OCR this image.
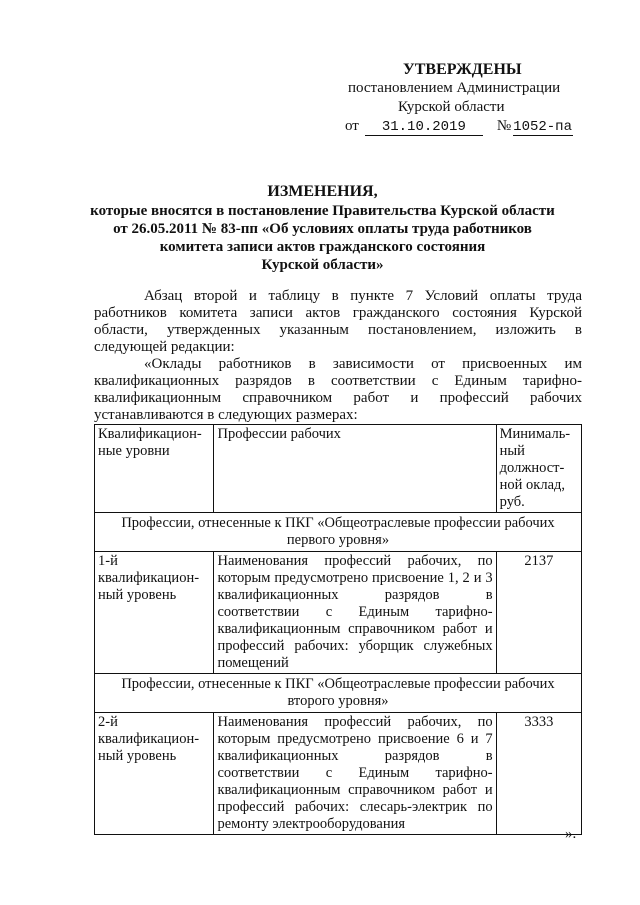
УТВЕРЖДЕНЫ
постановлением Администрации
Курской области
от 31.10.2019 № 1052-па
ИЗМЕНЕНИЯ,
которые вносятся в постановление Правительства Курской области
от 26.05.2011 № 83-пп «Об условиях оплаты труда работников
комитета записи актов гражданского состояния
Курской области»

Абзац второй и таблицу в пункте 7 Условий оплаты труда работников комитета записи актов гражданского состояния Курской области, утвержденных указанным постановлением, изложить в следующей редакции:

«Оклады работников в зависимости от присвоенных им квалификационных разрядов в соответствии с Единым тарифно-квалификационным справочником работ и профессий рабочих устанавливаются в следующих размерах:

Квалификацион-ные уровни	Профессии рабочих	Минималь-ный должност-ной оклад, руб.
Профессии, отнесенные к ПКГ «Общеотраслевые профессии рабочих первого уровня»		
1-й квалификацион-ный уровень	Наименования профессий рабочих, по которым предусмотрено присвоение 1, 2 и 3 квалификационных разрядов в соответствии с Единым тарифно-квалификационным справочником работ и профессий рабочих: уборщик служебных помещений	2137
Профессии, отнесенные к ПКГ «Общеотраслевые профессии рабочих второго уровня»		
2-й квалификацион-ный уровень	Наименования профессий рабочих, по которым предусмотрено присвоение 6 и 7 квалификационных разрядов в соответствии с Единым тарифно-квалификационным справочником работ и профессий рабочих: слесарь-электрик по ремонту электрооборудования	3333
».
